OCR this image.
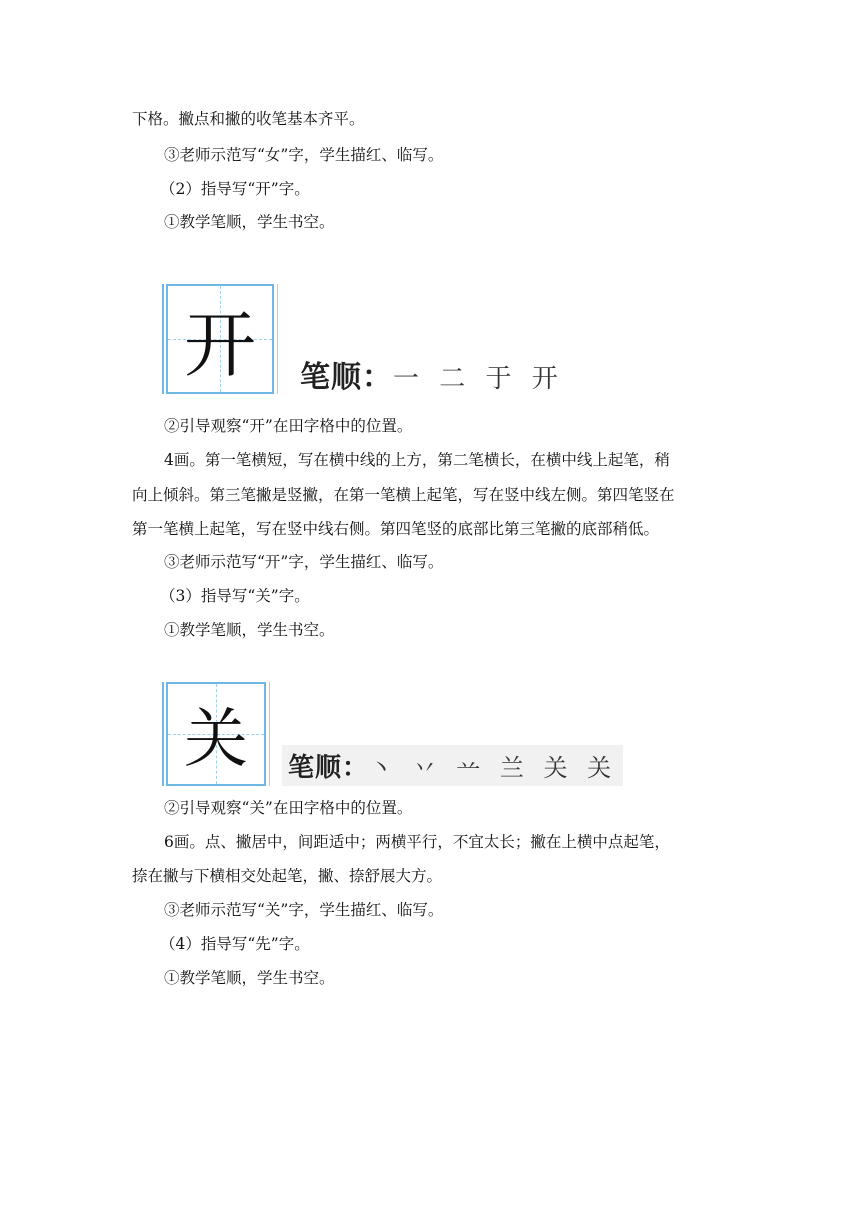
下格。撇点和撇的收笔基本齐平。
③老师示范写“女”字，学生描红、临写。
（2）指导写“开”字。
①教学笔顺，学生书空。
开	笔顺：一 二 于 开
②引导观察“开”在田字格中的位置。
4画。第一笔横短，写在横中线的上方，第二笔横长，在横中线上起笔，稍
向上倾斜。第三笔撇是竖撇，在第一笔横上起笔，写在竖中线左侧。第四笔竖在
第一笔横上起笔，写在竖中线右侧。第四笔竖的底部比第三笔撇的底部稍低。
③老师示范写“开”字，学生描红、临写。
（3）指导写“关”字。
①教学笔顺，学生书空。
关	笔顺：丶 丷 䒑 兰 关 关
②引导观察“关”在田字格中的位置。
6画。点、撇居中，间距适中；两横平行，不宜太长；撇在上横中点起笔，
捺在撇与下横相交处起笔，撇、捺舒展大方。
③老师示范写“关”字，学生描红、临写。
（4）指导写“先”字。
①教学笔顺，学生书空。
